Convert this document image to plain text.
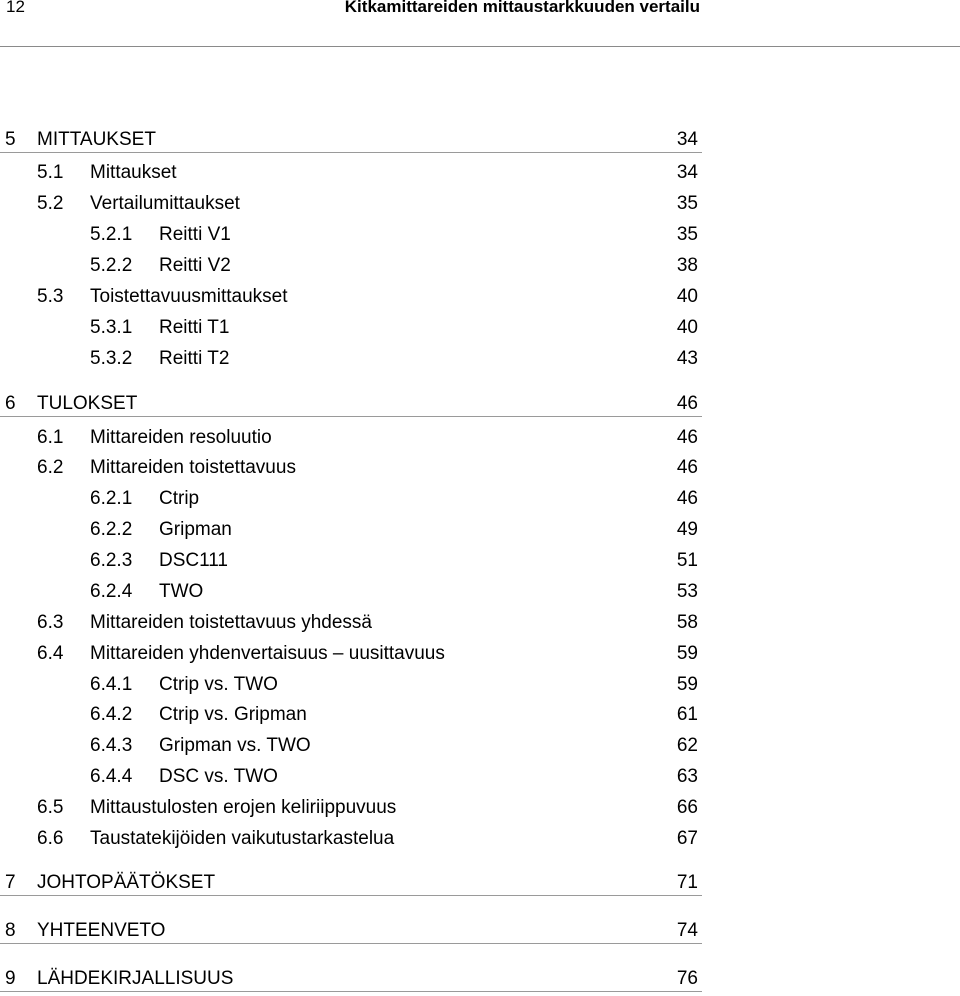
12	Kitkamittareiden mittaustarkkuuden vertailu
5 MITTAUKSET	34
5.1 Mittaukset	34
5.2 Vertailumittaukset	35
5.2.1 Reitti V1	35
5.2.2 Reitti V2	38
5.3 Toistettavuusmittaukset	40
5.3.1 Reitti T1	40
5.3.2 Reitti T2	43
6 TULOKSET	46
6.1 Mittareiden resoluutio	46
6.2 Mittareiden toistettavuus	46
6.2.1 Ctrip	46
6.2.2 Gripman	49
6.2.3 DSC111	51
6.2.4 TWO	53
6.3 Mittareiden toistettavuus yhdessä	58
6.4 Mittareiden yhdenvertaisuus – uusittavuus	59
6.4.1 Ctrip vs. TWO	59
6.4.2 Ctrip vs. Gripman	61
6.4.3 Gripman vs. TWO	62
6.4.4 DSC vs. TWO	63
6.5 Mittaustulosten erojen keliriippuvuus	66
6.6 Taustatekijöiden vaikutustarkastelua	67
7 JOHTOPÄÄTÖKSET	71
8 YHTEENVETO	74
9 LÄHDEKIRJALLISUUS	76
